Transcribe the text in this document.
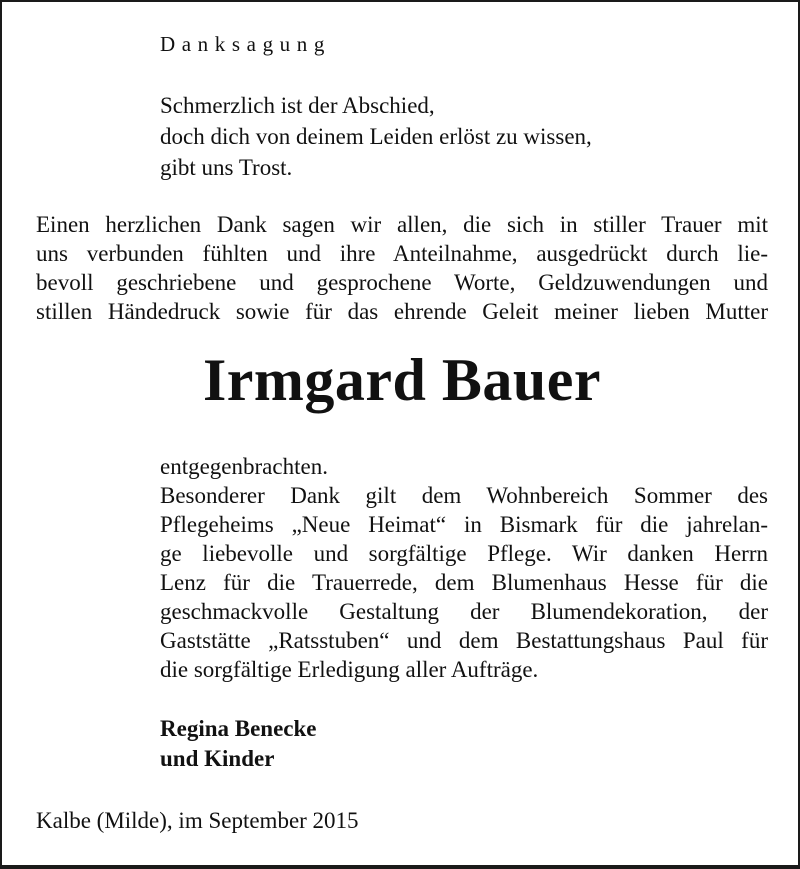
Danksagung
Schmerzlich ist der Abschied,
doch dich von deinem Leiden erlöst zu wissen,
gibt uns Trost.
Einen herzlichen Dank sagen wir allen, die sich in stiller Trauer mit
uns verbunden fühlten und ihre Anteilnahme, ausgedrückt durch lie-
bevoll geschriebene und gesprochene Worte, Geldzuwendungen und
stillen Händedruck sowie für das ehrende Geleit meiner lieben Mutter
Irmgard Bauer
entgegenbrachten.
Besonderer Dank gilt dem Wohnbereich Sommer des
Pflegeheims „Neue Heimat“ in Bismark für die jahrelan-
ge liebevolle und sorgfältige Pflege. Wir danken Herrn
Lenz für die Trauerrede, dem Blumenhaus Hesse für die
geschmackvolle Gestaltung der Blumendekoration, der
Gaststätte „Ratsstuben“ und dem Bestattungshaus Paul für
die sorgfältige Erledigung aller Aufträge.
Regina Benecke
und Kinder
Kalbe (Milde), im September 2015
